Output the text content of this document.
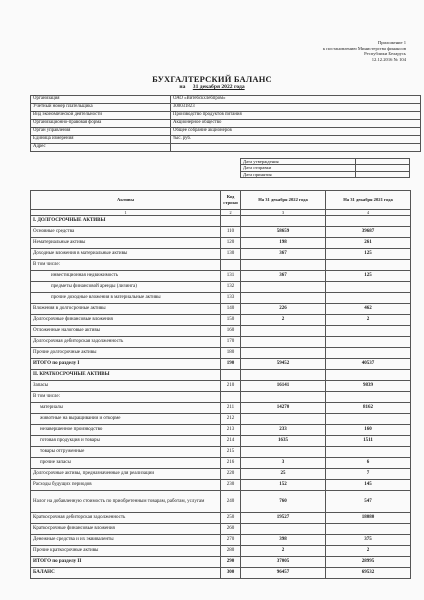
Приложение 1
к постановлению Министерства финансов
Республики Беларусь
12.12.2016 № 104
БУХГАЛТЕРСКИЙ БАЛАНС
на 31 декабря 2022 года
Организация	ОАО «Витебскхлебпром»
Учетный номер плательщика	300031823
Вид экономической деятельности	Производство продуктов питания
Организационно-правовая форма	Акционерное общество
Орган управления	Общее собрание акционеров
Единица измерения	тыс. руб.
Адрес	
Дата утверждения	
Дата отправки	
Дата принятия	
Активы	Код строки	На 31 декабря 2022 года	На 31 декабря 2021 года
1	2	3	4
I. ДОЛГОСРОЧНЫЕ АКТИВЫ			
Основные средства	110	58659	39687
Нематериальные активы	120	198	261
Доходные вложения в материальные активы	130	367	125
В том числе:			
инвестиционная недвижимость	131	367	125
предметы финансовой аренды (лизинга)	132		
прочие доходные вложения в материальные активы	133		
Вложения в долгосрочные активы	140	226	462
Долгосрочные финансовые вложения	150	2	2
Отложенные налоговые активы	160		
Долгосрочная дебиторская задолженность	170		
Прочие долгосрочные активы	180		
ИТОГО по разделу I	190	59452	40537
II. КРАТКОСРОЧНЫЕ АКТИВЫ			
Запасы	210	16141	9839
В том числе:			
материалы	211	14270	8162
животные на выращивании и откорме	212		
незавершенное производство	213	233	160
готовая продукция и товары	214	1635	1511
товары отгруженные	215		
прочие запасы	216	3	6
Долгосрочные активы, предназначенные для реализации	220	25	7
Расходы будущих периодов	230	152	145
Налог на добавленную стоимость по приобретенным товарам, работам, услугам	240	760	547
Краткосрочная дебиторская задолженность	250	19527	18080
Краткосрочные финансовые вложения	260		
Денежные средства и их эквиваленты	270	398	375
Прочие краткосрочные активы	280	2	2
ИТОГО по разделу II	290	37005	28995
БАЛАНС	300	96457	69532
